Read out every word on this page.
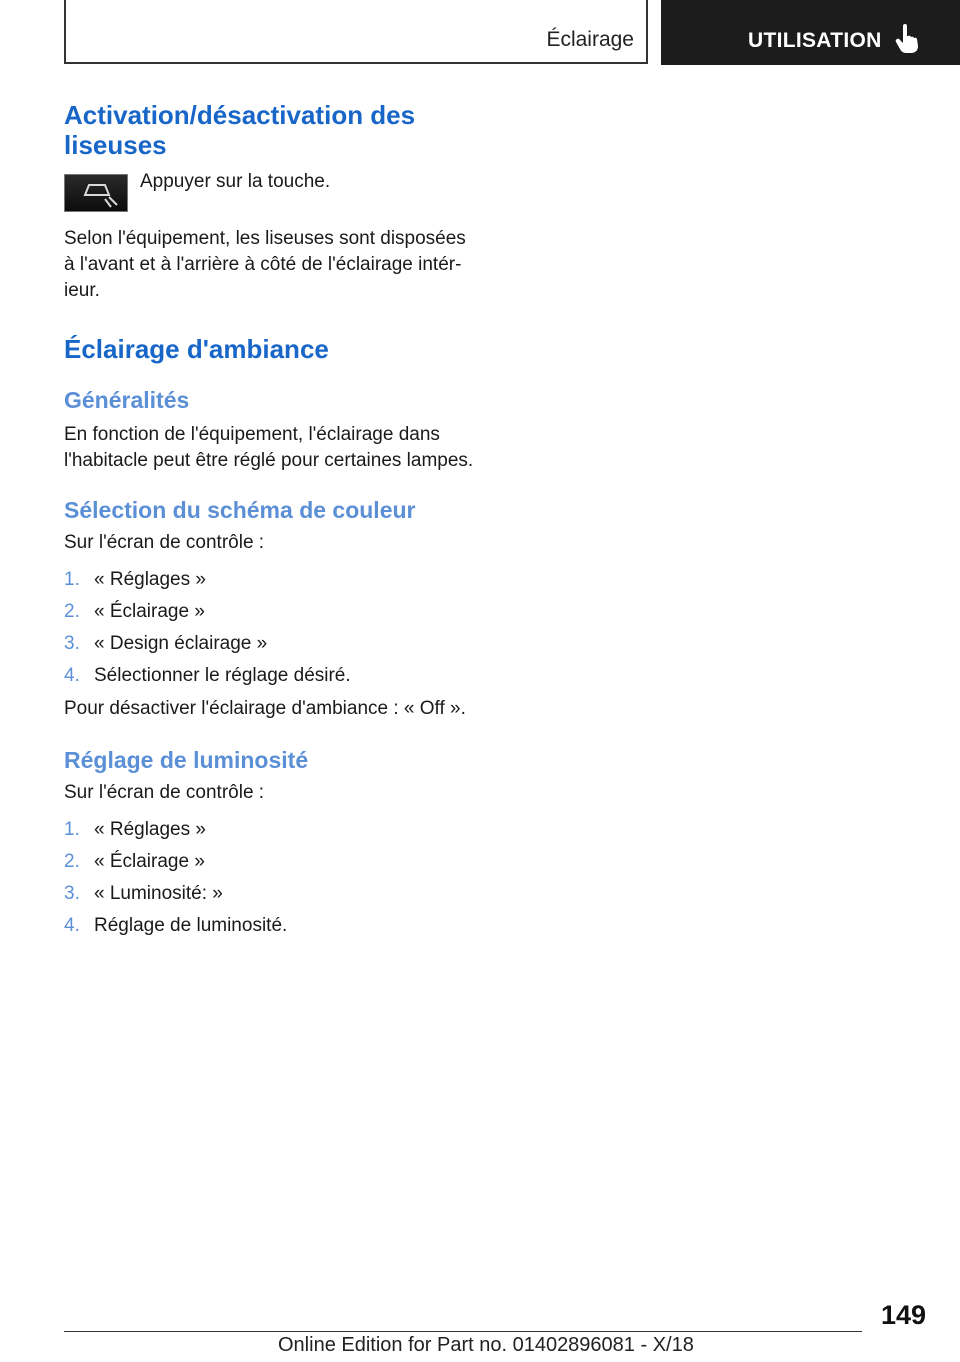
Éclairage	UTILISATION
Activation/désactivation des liseuses
Appuyer sur la touche.

Selon l'équipement, les liseuses sont disposées à l'avant et à l'arrière à côté de l'éclairage intér- ieur.

Éclairage d'ambiance
Généralités

En fonction de l'équipement, l'éclairage dans l'habitacle peut être réglé pour certaines lampes.

Sélection du schéma de couleur

Sur l'écran de contrôle :

1. « Réglages »
2. « Éclairage »
3. « Design éclairage »
4. Sélectionner le réglage désiré.

Pour désactiver l'éclairage d'ambiance : « Off ».

Réglage de luminosité

Sur l'écran de contrôle :

1. « Réglages »
2. « Éclairage »
3. « Luminosité: »
4. Réglage de luminosité.
149
Online Edition for Part no. 01402896081 - X/18
